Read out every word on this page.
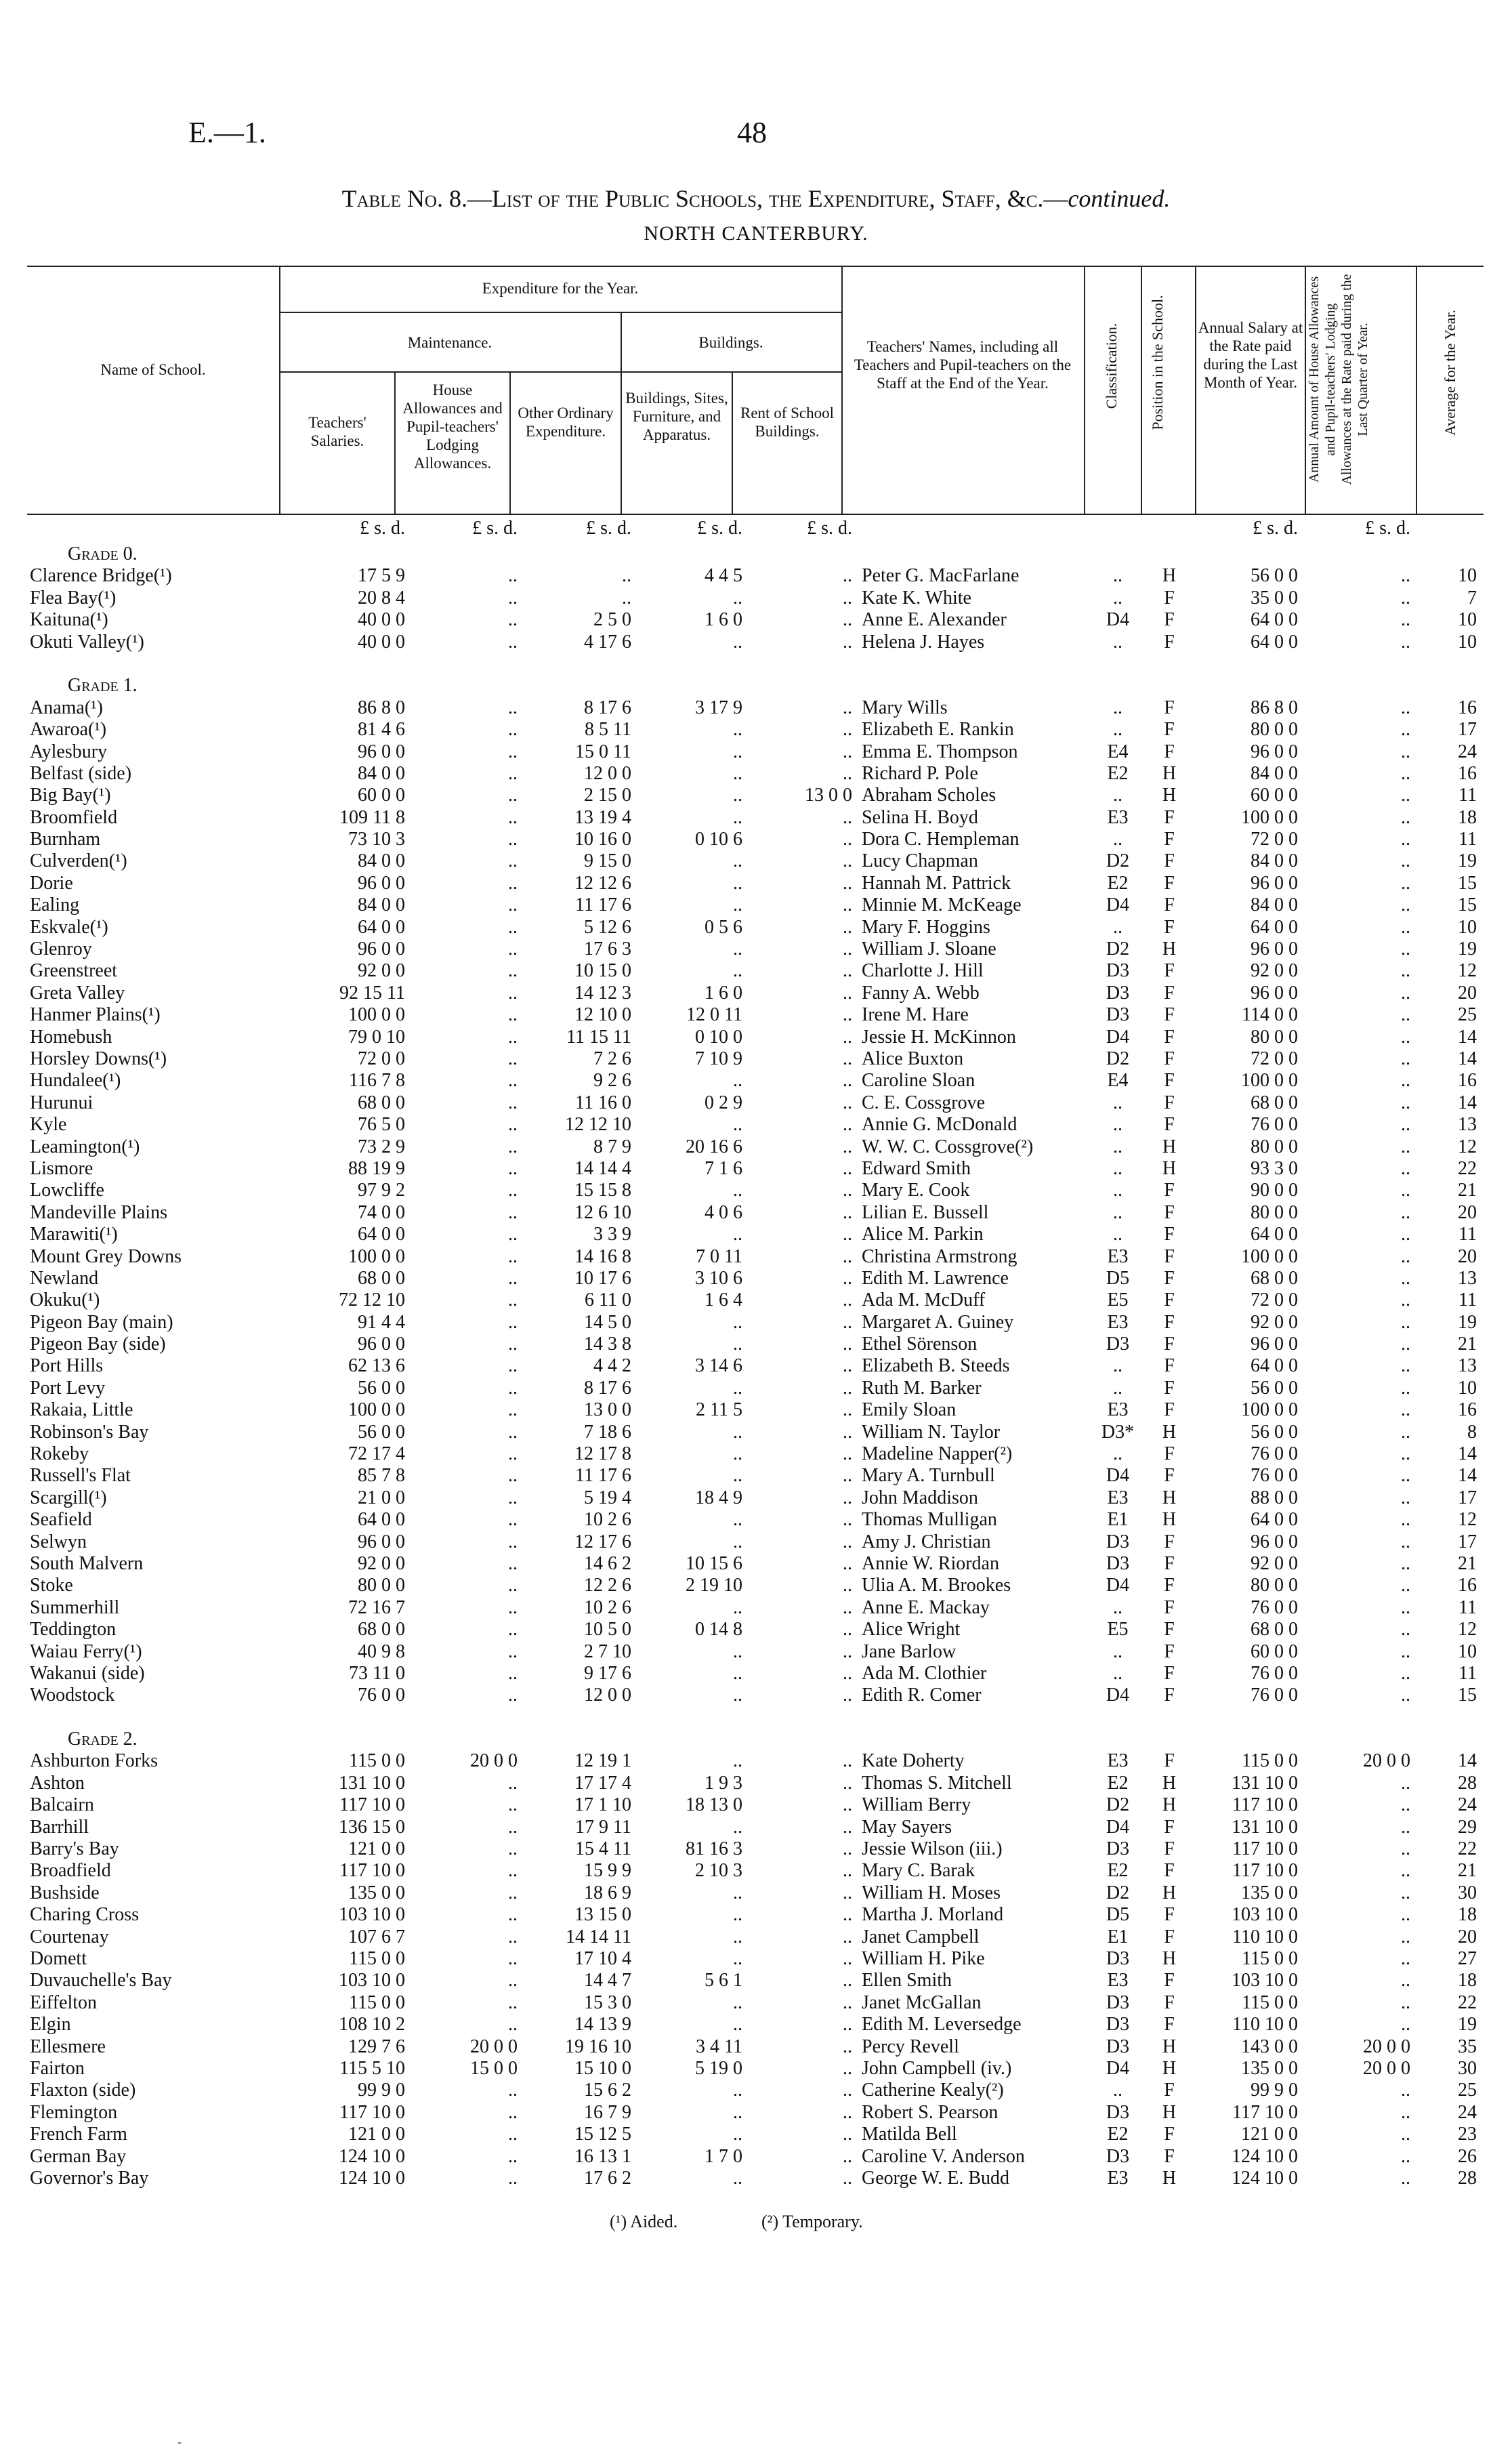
E.—1.	48
Table No. 8.—List of the Public Schools, the Expenditure, Staff, &c.—continued.
NORTH CANTERBURY.
Name of School.
Expenditure for the Year.
Maintenance.	Buildings.
Teachers' Salaries.
House Allowances and Pupil-teachers' Lodging Allowances.
Other Ordinary Expenditure.
Buildings, Sites, Furniture, and Apparatus.
Rent of School Buildings.
Teachers' Names, including all Teachers and Pupil-teachers on the Staff at the End of the Year.	Classification. Position in the School. Annual Salary at the Rate paid during the Last Month of Year. Annual Amount of House Allowances and Pupil-teachers' Lodging Allowances at the Rate paid during the Last Quarter of Year.	Average for the Year.
£ s. d.	£ s. d.	£ s. d.	£ s. d.	£ s. d.	£ s. d.	£ s. d.
Grade 0.
Clarence Bridge(¹)	17 5 9	..	..	4 4 5	.. Peter G. MacFarlane	..	H	56 0 0	..	10
Flea Bay(¹)	20 8 4	..	..	..	.. Kate K. White	..	F	35 0 0	..	7
Kaituna(¹)	40 0 0	..	2 5 0	1 6 0	.. Anne E. Alexander	D4	F	64 0 0	..	10
Okuti Valley(¹)	40 0 0	..	4 17 6	..	.. Helena J. Hayes	..	F	64 0 0	..	10
Grade 1.
Anama(¹)	86 8 0	..	8 17 6	3 17 9	.. Mary Wills	..	F	86 8 0	..	16
Awaroa(¹)	81 4 6	..	8 5 11	..	.. Elizabeth E. Rankin	..	F	80 0 0	..	17
Aylesbury	96 0 0	..	15 0 11	..	.. Emma E. Thompson	E4	F	96 0 0	..	24
Belfast (side)	84 0 0	..	12 0 0	..	.. Richard P. Pole	E2	H	84 0 0	..	16
Big Bay(¹)	60 0 0	..	2 15 0	..	13 0 0 Abraham Scholes	..	H	60 0 0	..	11
Broomfield	109 11 8	..	13 19 4	..	.. Selina H. Boyd	E3	F	100 0 0	..	18
Burnham	73 10 3	..	10 16 0	0 10 6	.. Dora C. Hempleman	..	F	72 0 0	..	11
Culverden(¹)	84 0 0	..	9 15 0	..	.. Lucy Chapman	D2	F	84 0 0	..	19
Dorie	96 0 0	..	12 12 6	..	.. Hannah M. Pattrick	E2	F	96 0 0	..	15
Ealing	84 0 0	..	11 17 6	..	.. Minnie M. McKeage	D4	F	84 0 0	..	15
Eskvale(¹)	64 0 0	..	5 12 6	0 5 6	.. Mary F. Hoggins	..	F	64 0 0	..	10
Glenroy	96 0 0	..	17 6 3	..	.. William J. Sloane	D2	H	96 0 0	..	19
Greenstreet	92 0 0	..	10 15 0	..	.. Charlotte J. Hill	D3	F	92 0 0	..	12
Greta Valley	92 15 11	..	14 12 3	1 6 0	.. Fanny A. Webb	D3	F	96 0 0	..	20
Hanmer Plains(¹)	100 0 0	..	12 10 0	12 0 11	.. Irene M. Hare	D3	F	114 0 0	..	25
Homebush	79 0 10	..	11 15 11	0 10 0	.. Jessie H. McKinnon	D4	F	80 0 0	..	14
Horsley Downs(¹)	72 0 0	..	7 2 6	7 10 9	.. Alice Buxton	D2	F	72 0 0	..	14
Hundalee(¹)	116 7 8	..	9 2 6	..	.. Caroline Sloan	E4	F	100 0 0	..	16
Hurunui	68 0 0	..	11 16 0	0 2 9	.. C. E. Cossgrove	..	F	68 0 0	..	14
Kyle	76 5 0	..	12 12 10	..	.. Annie G. McDonald	..	F	76 0 0	..	13
Leamington(¹)	73 2 9	..	8 7 9	20 16 6	.. W. W. C. Cossgrove(²)	..	H	80 0 0	..	12
Lismore	88 19 9	..	14 14 4	7 1 6	.. Edward Smith	..	H	93 3 0	..	22
Lowcliffe	97 9 2	..	15 15 8	..	.. Mary E. Cook	..	F	90 0 0	..	21
Mandeville Plains	74 0 0	..	12 6 10	4 0 6	.. Lilian E. Bussell	..	F	80 0 0	..	20
Marawiti(¹)	64 0 0	..	3 3 9	..	.. Alice M. Parkin	..	F	64 0 0	..	11
Mount Grey Downs	100 0 0	..	14 16 8	7 0 11	.. Christina Armstrong	E3	F	100 0 0	..	20
Newland	68 0 0	..	10 17 6	3 10 6	.. Edith M. Lawrence	D5	F	68 0 0	..	13
Okuku(¹)	72 12 10	..	6 11 0	1 6 4	.. Ada M. McDuff	E5	F	72 0 0	..	11
Pigeon Bay (main)	91 4 4	..	14 5 0	..	.. Margaret A. Guiney	E3	F	92 0 0	..	19
Pigeon Bay (side)	96 0 0	..	14 3 8	..	.. Ethel Sörenson	D3	F	96 0 0	..	21
Port Hills	62 13 6	..	4 4 2	3 14 6	.. Elizabeth B. Steeds	..	F	64 0 0	..	13
Port Levy	56 0 0	..	8 17 6	..	.. Ruth M. Barker	..	F	56 0 0	..	10
Rakaia, Little	100 0 0	..	13 0 0	2 11 5	.. Emily Sloan	E3	F	100 0 0	..	16
Robinson's Bay	56 0 0	..	7 18 6	..	.. William N. Taylor	D3*	H	56 0 0	..	8
Rokeby	72 17 4	..	12 17 8	..	.. Madeline Napper(²)	..	F	76 0 0	..	14
Russell's Flat	85 7 8	..	11 17 6	..	.. Mary A. Turnbull	D4	F	76 0 0	..	14
Scargill(¹)	21 0 0	..	5 19 4	18 4 9	.. John Maddison	E3	H	88 0 0	..	17
Seafield	64 0 0	..	10 2 6	..	.. Thomas Mulligan	E1	H	64 0 0	..	12
Selwyn	96 0 0	..	12 17 6	..	.. Amy J. Christian	D3	F	96 0 0	..	17
South Malvern	92 0 0	..	14 6 2	10 15 6	.. Annie W. Riordan	D3	F	92 0 0	..	21
Stoke	80 0 0	..	12 2 6	2 19 10	.. Ulia A. M. Brookes	D4	F	80 0 0	..	16
Summerhill	72 16 7	..	10 2 6	..	.. Anne E. Mackay	..	F	76 0 0	..	11
Teddington	68 0 0	..	10 5 0	0 14 8	.. Alice Wright	E5	F	68 0 0	..	12
Waiau Ferry(¹)	40 9 8	..	2 7 10	..	.. Jane Barlow	..	F	60 0 0	..	10
Wakanui (side)	73 11 0	..	9 17 6	..	.. Ada M. Clothier	..	F	76 0 0	..	11
Woodstock	76 0 0	..	12 0 0	..	.. Edith R. Comer	D4	F	76 0 0	..	15
Grade 2.
Ashburton Forks	115 0 0	20 0 0	12 19 1	..	.. Kate Doherty	E3	F	115 0 0	20 0 0	14
Ashton	131 10 0	..	17 17 4	1 9 3	.. Thomas S. Mitchell	E2	H	131 10 0	..	28
Balcairn	117 10 0	..	17 1 10	18 13 0	.. William Berry	D2	H	117 10 0	..	24
Barrhill	136 15 0	..	17 9 11	..	.. May Sayers	D4	F	131 10 0	..	29
Barry's Bay	121 0 0	..	15 4 11	81 16 3	.. Jessie Wilson (iii.)	D3	F	117 10 0	..	22
Broadfield	117 10 0	..	15 9 9	2 10 3	.. Mary C. Barak	E2	F	117 10 0	..	21
Bushside	135 0 0	..	18 6 9	..	.. William H. Moses	D2	H	135 0 0	..	30
Charing Cross	103 10 0	..	13 15 0	..	.. Martha J. Morland	D5	F	103 10 0	..	18
Courtenay	107 6 7	..	14 14 11	..	.. Janet Campbell	E1	F	110 10 0	..	20
Domett	115 0 0	..	17 10 4	..	.. William H. Pike	D3	H	115 0 0	..	27
Duvauchelle's Bay	103 10 0	..	14 4 7	5 6 1	.. Ellen Smith	E3	F	103 10 0	..	18
Eiffelton	115 0 0	..	15 3 0	..	.. Janet McGallan	D3	F	115 0 0	..	22
Elgin	108 10 2	..	14 13 9	..	.. Edith M. Leversedge	D3	F	110 10 0	..	19
Ellesmere	129 7 6	20 0 0	19 16 10	3 4 11	.. Percy Revell	D3	H	143 0 0	20 0 0	35
Fairton	115 5 10	15 0 0	15 10 0	5 19 0	.. John Campbell (iv.)	D4	H	135 0 0	20 0 0	30
Flaxton (side)	99 9 0	..	15 6 2	..	.. Catherine Kealy(²)	..	F	99 9 0	..	25
Flemington	117 10 0	..	16 7 9	..	.. Robert S. Pearson	D3	H	117 10 0	..	24
French Farm	121 0 0	..	15 12 5	..	.. Matilda Bell	E2	F	121 0 0	..	23
German Bay	124 10 0	..	16 13 1	1 7 0	.. Caroline V. Anderson	D3	F	124 10 0	..	26
Governor's Bay	124 10 0	..	17 6 2	..	.. George W. E. Budd	E3	H	124 10 0	..	28
(¹) Aided.	(²) Temporary.
-
